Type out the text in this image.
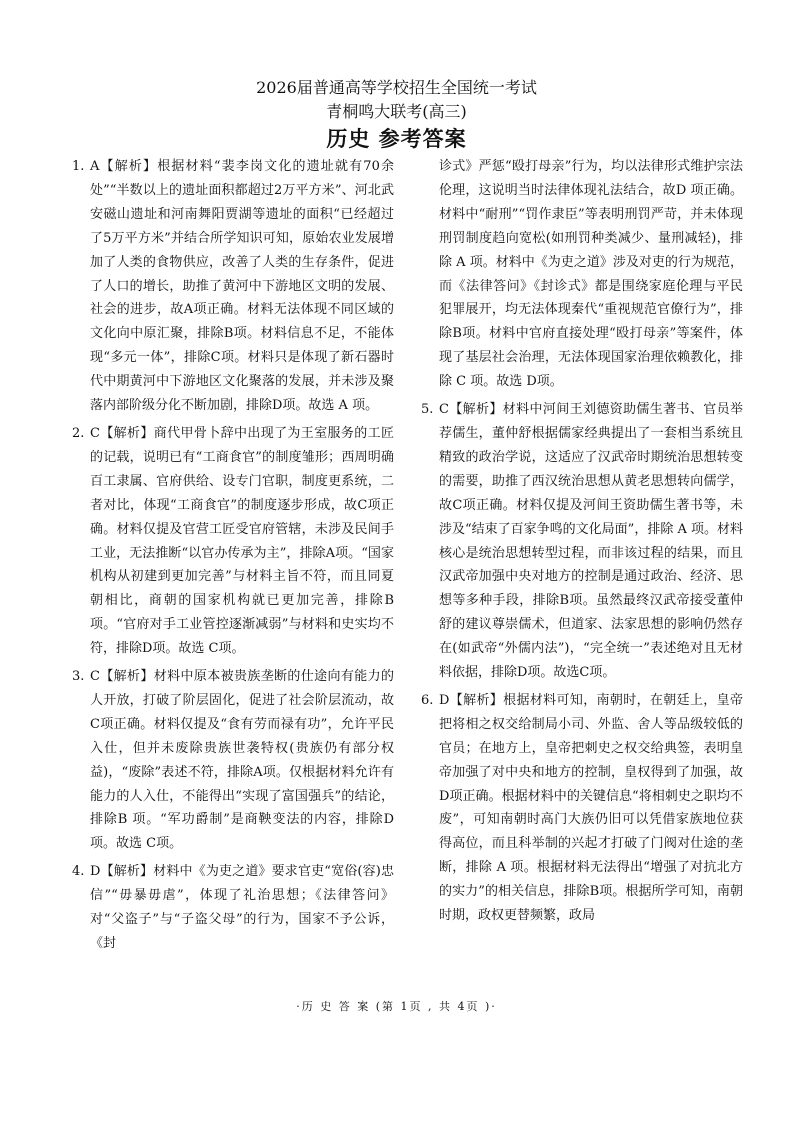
2026届普通高等学校招生全国统一考试
青桐鸣大联考(高三)
历史 参考答案
1. A【解析】根据材料“裴李岗文化的遗址就有70余处”“半数以上的遗址面积都超过2万平方米”、河北武安磁山遗址和河南舞阳贾湖等遗址的面积“已经超过了5万平方米”并结合所学知识可知，原始农业发展增加了人类的食物供应，改善了人类的生存条件，促进了人口的增长，助推了黄河中下游地区文明的发展、社会的进步，故A项正确。材料无法体现不同区域的文化向中原汇聚，排除B项。材料信息不足，不能体现“多元一体”，排除C项。材料只是体现了新石器时代中期黄河中下游地区文化聚落的发展，并未涉及聚落内部阶级分化不断加剧，排除D项。故选 A 项。
2. C【解析】商代甲骨卜辞中出现了为王室服务的工匠的记载，说明已有“工商食官”的制度雏形；西周明确百工隶属、官府供给、设专门官职，制度更系统，二者对比，体现“工商食官”的制度逐步形成，故C项正确。材料仅提及官营工匠受官府管辖，未涉及民间手工业，无法推断“以官办传承为主”，排除A项。“国家机构从初建到更加完善”与材料主旨不符，而且同夏朝相比，商朝的国家机构就已更加完善，排除B项。“官府对手工业管控逐渐减弱”与材料和史实均不符，排除D项。故选 C项。
3. C【解析】材料中原本被贵族垄断的仕途向有能力的人开放，打破了阶层固化，促进了社会阶层流动，故C项正确。材料仅提及“食有劳而禄有功”，允许平民入仕，但并未废除贵族世袭特权(贵族仍有部分权益)，“废除”表述不符，排除A项。仅根据材料允许有能力的人入仕，不能得出“实现了富国强兵”的结论，排除B 项。“军功爵制”是商鞅变法的内容，排除D项。故选 C项。
4. D【解析】材料中《为吏之道》要求官吏“宽俗(容)忠信”“毋暴毋虐”，体现了礼治思想；《法律答问》对“父盗子”与“子盗父母”的行为，国家不予公诉，《封
诊式》严惩“殴打母亲”行为，均以法律形式维护宗法伦理，这说明当时法律体现礼法结合，故D 项正确。材料中“耐刑”“罚作隶臣”等表明刑罚严苛，并未体现刑罚制度趋向宽松(如刑罚种类减少、量刑减轻)，排除 A 项。材料中《为吏之道》涉及对吏的行为规范，而《法律答问》《封诊式》都是围绕家庭伦理与平民犯罪展开，均无法体现秦代“重视规范官僚行为”，排除B项。材料中官府直接处理“殴打母亲”等案件，体现了基层社会治理，无法体现国家治理依赖教化，排除 C 项。故选 D项。
5. C【解析】材料中河间王刘德资助儒生著书、官员举荐儒生，董仲舒根据儒家经典提出了一套相当系统且精致的政治学说，这适应了汉武帝时期统治思想转变的需要，助推了西汉统治思想从黄老思想转向儒学，故C项正确。材料仅提及河间王资助儒生著书等，未涉及“结束了百家争鸣的文化局面”，排除 A 项。材料核心是统治思想转型过程，而非该过程的结果，而且汉武帝加强中央对地方的控制是通过政治、经济、思想等多种手段，排除B项。虽然最终汉武帝接受董仲舒的建议尊崇儒术，但道家、法家思想的影响仍然存在(如武帝“外儒内法”)，“完全统一”表述绝对且无材料依据，排除D项。故选C项。
6. D【解析】根据材料可知，南朝时，在朝廷上，皇帝把将相之权交给制局小司、外监、舍人等品级较低的官员；在地方上，皇帝把刺史之权交给典签，表明皇帝加强了对中央和地方的控制，皇权得到了加强，故D项正确。根据材料中的关键信息“将相刺史之职均不废”，可知南朝时高门大族仍旧可以凭借家族地位获得高位，而且科举制的兴起才打破了门阀对仕途的垄断，排除 A 项。根据材料无法得出“增强了对抗北方的实力”的相关信息，排除B项。根据所学可知，南朝时期，政权更替频繁，政局
·历 史 答 案 (第 1页 , 共 4页 )·
